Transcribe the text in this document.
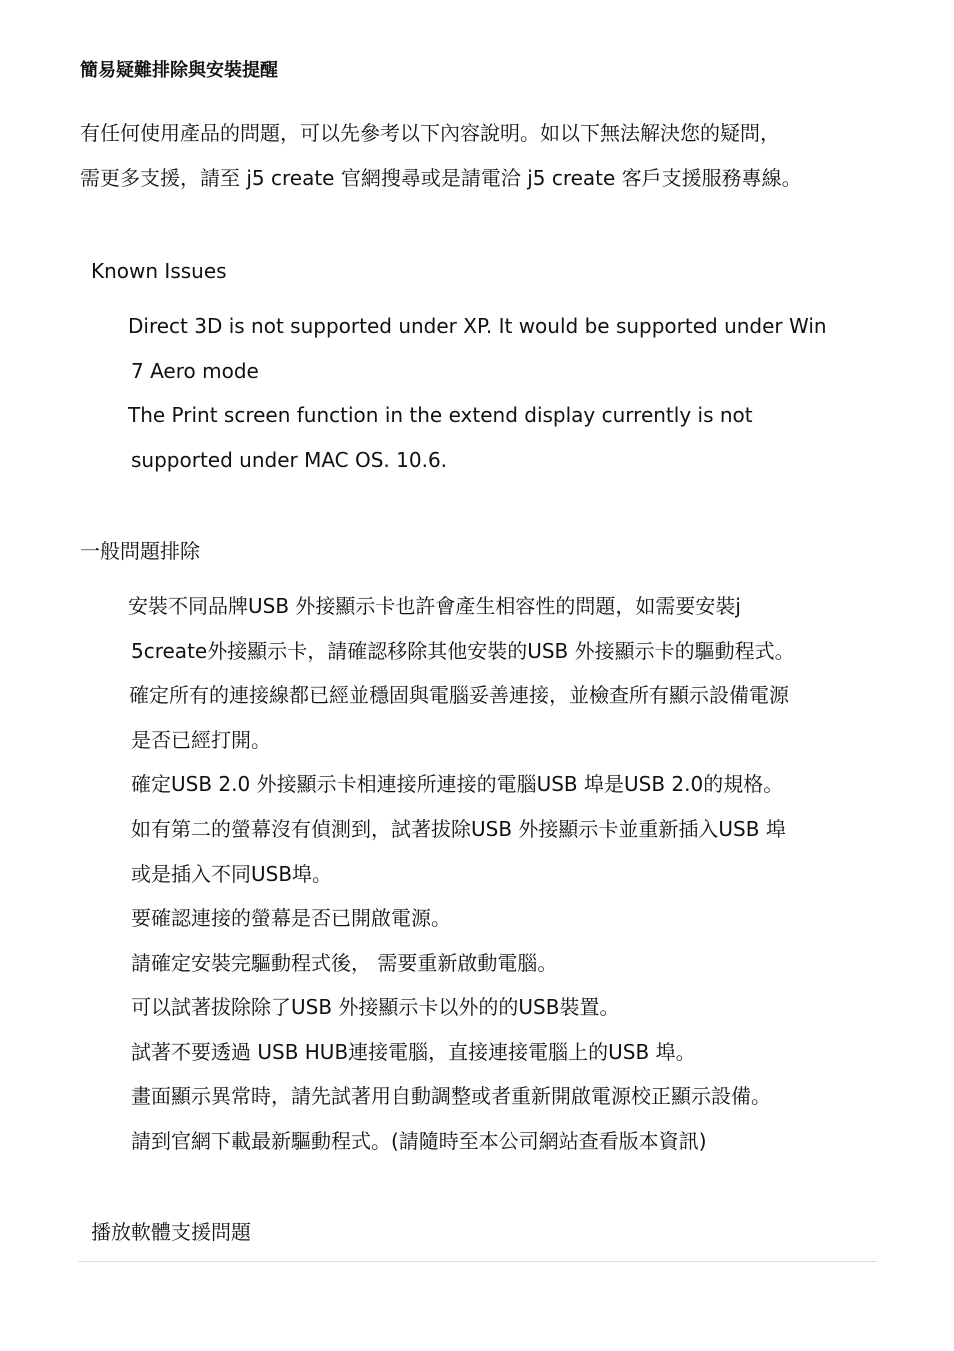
簡易疑難排除與安裝提醒
有任何使用產品的問題，可以先參考以下內容說明。如以下無法解決您的疑問，
需更多支援，請至 j5 create 官網搜尋或是請電洽 j5 create 客戶支援服務專線。
Known Issues
Direct 3D is not supported under XP. It would be supported under Win
7 Aero mode
The Print screen function in the extend display currently is not
supported under MAC OS. 10.6.
一般問題排除
安裝不同品牌USB 外接顯示卡也許會產生相容性的問題，如需要安裝j
5create外接顯示卡，請確認移除其他安裝的USB 外接顯示卡的驅動程式。
確定所有的連接線都已經並穩固與電腦妥善連接，並檢查所有顯示設備電源
是否已經打開。
確定USB 2.0 外接顯示卡相連接所連接的電腦USB 埠是USB 2.0的規格。
如有第二的螢幕沒有偵測到，試著拔除USB 外接顯示卡並重新插入USB 埠
或是插入不同USB埠。
要確認連接的螢幕是否已開啟電源。
請確定安裝完驅動程式後， 需要重新啟動電腦。
可以試著拔除除了USB 外接顯示卡以外的的USB裝置。
試著不要透過 USB HUB連接電腦，直接連接電腦上的USB 埠。
畫面顯示異常時，請先試著用自動調整或者重新開啟電源校正顯示設備。
請到官網下載最新驅動程式。(請隨時至本公司網站查看版本資訊)
播放軟體支援問題
